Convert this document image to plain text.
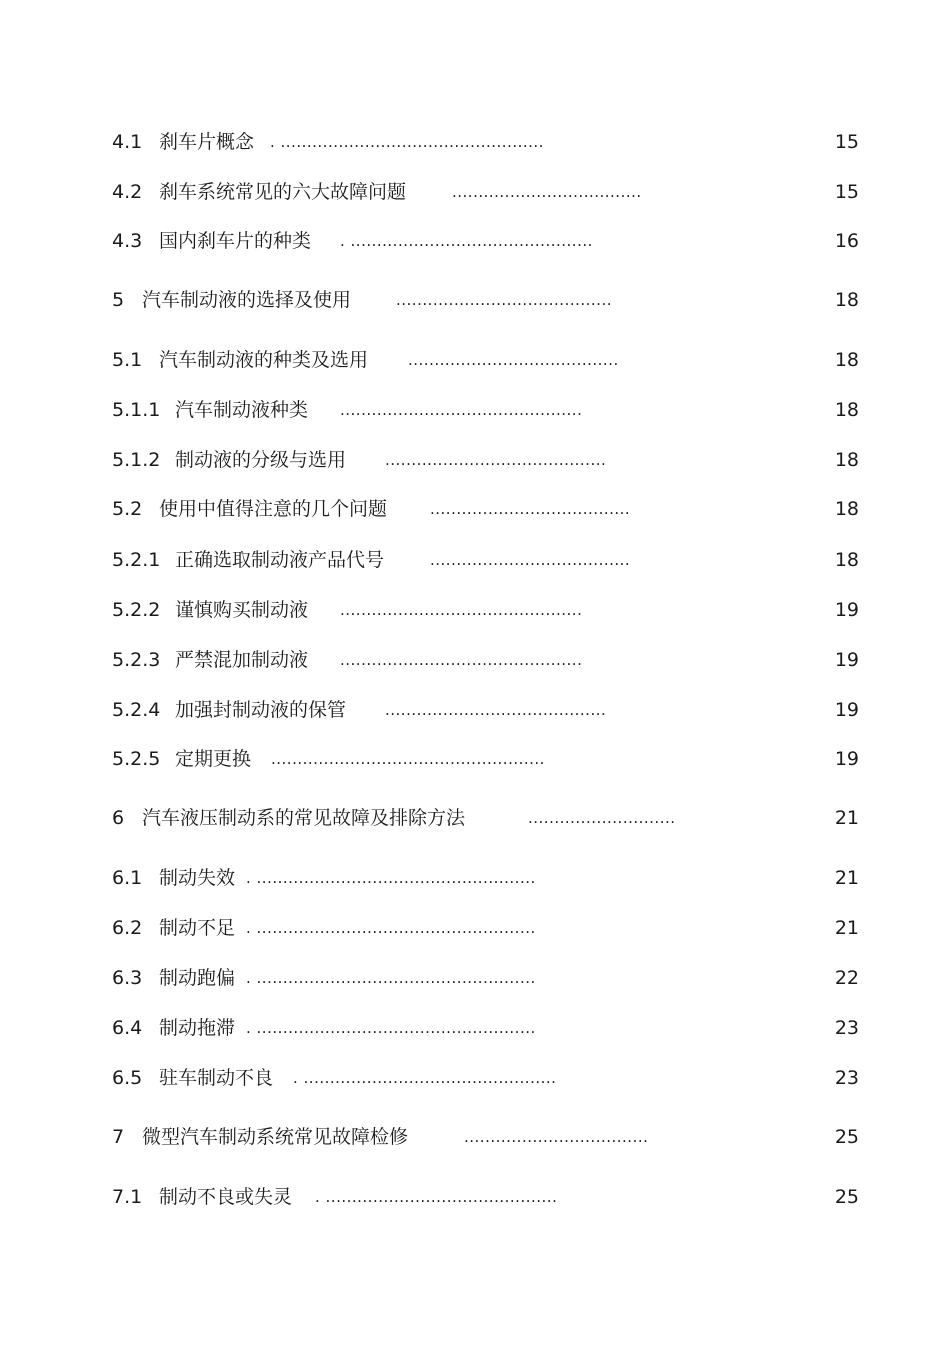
4.1 刹车片概念 . ..................................................	15
4.2 刹车系统常见的六大故障问题	....................................	15
4.3 国内刹车片的种类 . ..............................................	16
5 汽车制动液的选择及使用	.........................................	18
5.1 汽车制动液的种类及选用	........................................	18
5.1.1 汽车制动液种类 ..............................................	18
5.1.2 制动液的分级与选用	..........................................	18
5.2 使用中值得注意的几个问题	......................................	18
5.2.1 正确选取制动液产品代号	......................................	18
5.2.2 谨慎购买制动液 ..............................................	19
5.2.3 严禁混加制动液 ..............................................	19
5.2.4 加强封制动液的保管	..........................................	19
5.2.5 定期更换 ....................................................	19
6 汽车液压制动系的常见故障及排除方法	............................	21
6.1 制动失效 . .....................................................	21
6.2 制动不足 . .....................................................	21
6.3 制动跑偏 . .....................................................	22
6.4 制动拖滞 . .....................................................	23
6.5 驻车制动不良 . ................................................	23
7 微型汽车制动系统常见故障检修	...................................	25
7.1 制动不良或失灵 . ............................................	25
